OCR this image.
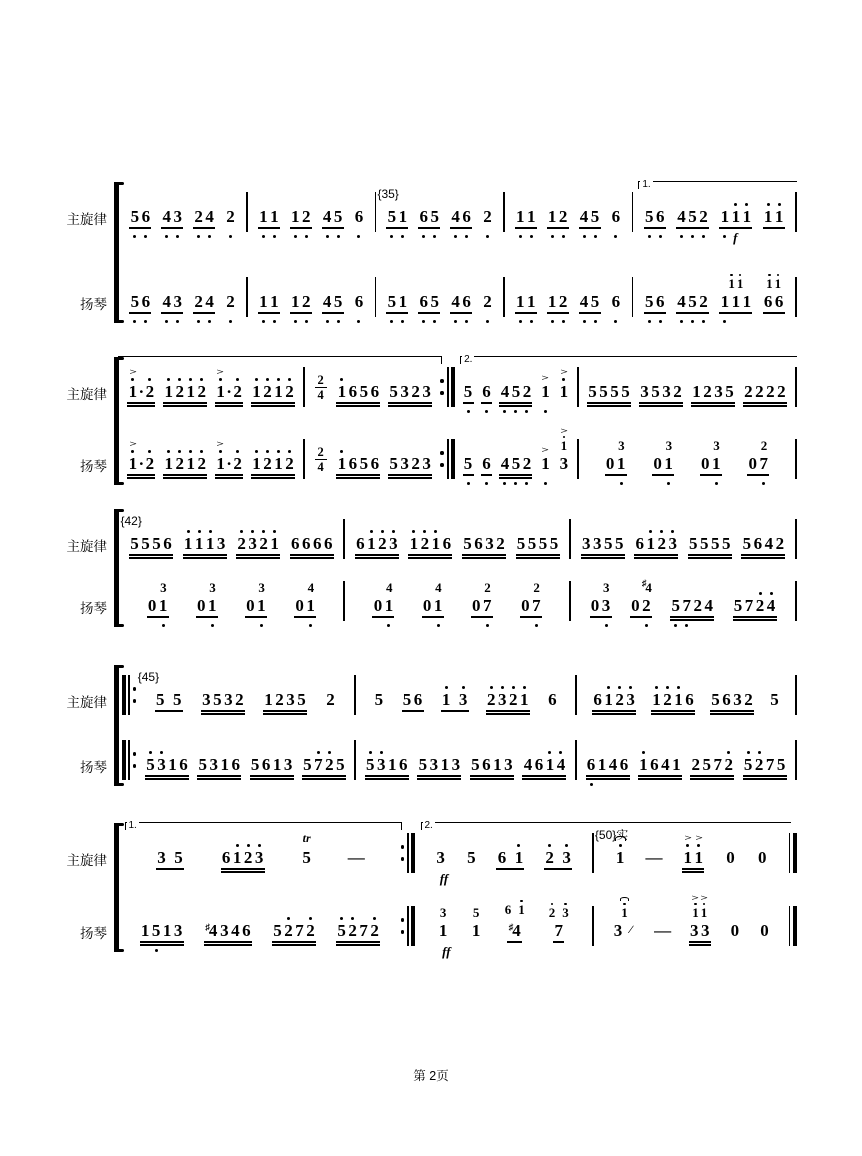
主旋律
扬琴
5 6 4 3 2 4 2
5 6 4 3 2 4 2
1 1 1 2 4 5 6
1 1 1 2 4 5 6
5 1 6 5 4 6 2
5 1 6 5 4 6 2
{35}
1 1 1 2 4 5 6
1 1 1 2 4 5 6
5 6 4 5 2 1 1 1
f
1 1
5 6 4 5 2
1 1
1 1 1
1 1
6 6
1.
主旋律
扬琴
>
1 · 2 1 2 1 2
>
1 · 2 1 2 1 2
>
1 · 2 1 2 1 2
>
1 · 2 1 2 1 2
2
4 1 6 5 6 5 3 2 3
2
4 1 6 5 6 5 3 2 3
5 6 4 5 2
>
1
>
1
5 6 4 5 2
>
1
>
1
3
2.
5 5 5 5 3 5 3 2 1 2 3 5 2 2 2 2
3
0 1
3
0 1
3
0 1
2
0 7
主旋律
扬琴
5 5 5 6 1 1 1 3 2 3 2 1 6 6 6 6
3
0 1
3
0 1
3
0 1
4
0 1
{42}
6 1 2 3 1 2 1 6 5 6 3 2 5 5 5 5
4
0 1
4
0 1
2
0 7
2
0 7
3 3 5 5 6 1 2 3 5 5 5 5 5 6 4 2
3
0 3
♯4
0 2 5 7 2 4 5 7 2 4
主旋律
扬琴
5
5 3 5 3 2 1 2 3 5 2
5 3 1 6 5 3 1 6 5 6 1 3 5 7 2 5
{45}
5 5 6 1
3 2 3 2 1 6
5 3 1 6 5 3 1 3 5 6 1 3 4 6 1 4
6 1 2 3 1 2 1 6 5 6 3 2 5
6 1 4 6 1 6 4 1 2 5 7 2 5 2 7 5
主旋律
扬琴
3
5 6 1 2 3
tr
5 —
1 5 1 3	♯4 3 4 6 5 2 7 2 5 2 7 2
1.
3
ff
5 6
1 2
3
3
1
ff
5
1
6
1
♯4
2
3
7
2.
1 —
>
1
>
1 0 0
1
3 —
>
1
>
1
3 3 0 0
{50}实
第 2页
